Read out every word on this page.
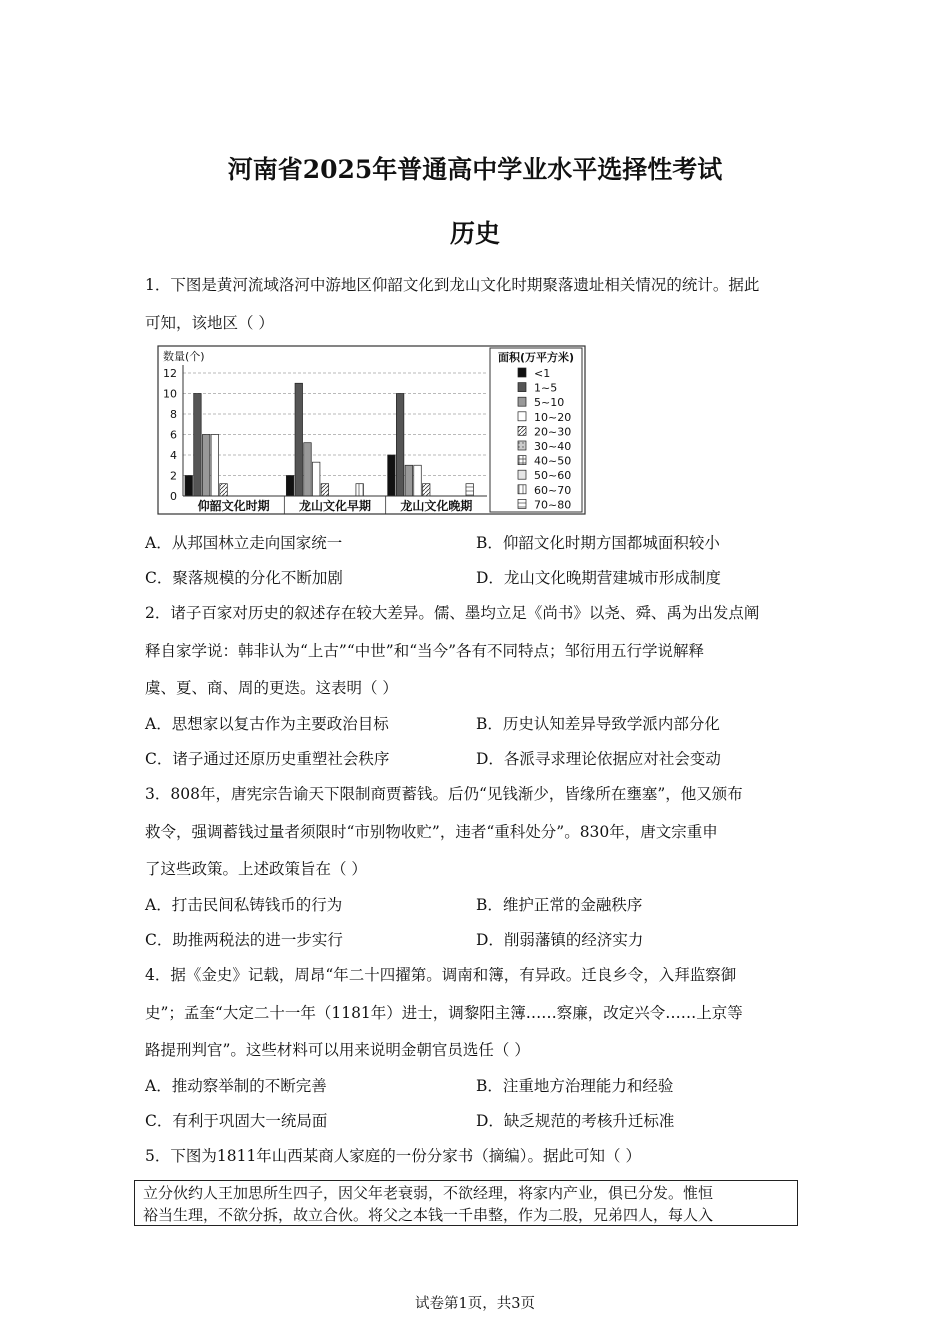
河南省2025年普通高中学业水平选择性考试
历史
1．下图是黄河流域洛河中游地区仰韶文化到龙山文化时期聚落遗址相关情况的统计。据此
可知，该地区（ ）
数量(个)
0
2
4
6
8
10
12
仰韶文化时期 龙山文化早期 龙山文化晚期
面积(万平方米)
<1
1~5
5~10
10~20
20~30
30~40
40~50
50~60
60~70
70~80
A．从邦国林立走向国家统一	B．仰韶文化时期方国都城面积较小
C．聚落规模的分化不断加剧	D．龙山文化晚期营建城市形成制度
2．诸子百家对历史的叙述存在较大差异。儒、墨均立足《尚书》以尧、舜、禹为出发点阐
释自家学说：韩非认为“上古”“中世”和“当今”各有不同特点；邹衍用五行学说解释
虞、夏、商、周的更迭。这表明（ ）
A．思想家以复古作为主要政治目标	B．历史认知差异导致学派内部分化
C．诸子通过还原历史重塑社会秩序	D．各派寻求理论依据应对社会变动
3．808年，唐宪宗告谕天下限制商贾蓄钱。后仍“见钱渐少，皆缘所在壅塞”，他又颁布
救令，强调蓄钱过量者须限时“市别物收贮”，违者“重科处分”。830年，唐文宗重申
了这些政策。上述政策旨在（ ）
A．打击民间私铸钱币的行为	B．维护正常的金融秩序
C．助推两税法的进一步实行	D．削弱藩镇的经济实力
4．据《金史》记载，周昂“年二十四擢第。调南和簿，有异政。迁良乡令，入拜监察御
史”；孟奎“大定二十一年（1181年）进士，调黎阳主簿……察廉，改定兴令……上京等
路提刑判官”。这些材料可以用来说明金朝官员选任（ ）
A．推动察举制的不断完善	B．注重地方治理能力和经验
C．有利于巩固大一统局面	D．缺乏规范的考核升迁标准
5．下图为1811年山西某商人家庭的一份分家书（摘编）。据此可知（ ）
立分伙约人王加思所生四子，因父年老衰弱，不欲经理，将家内产业，俱已分发。惟恒
裕当生理，不欲分拆，故立合伙。将父之本钱一千串整，作为二股，兄弟四人，每人入
试卷第1页，共3页
